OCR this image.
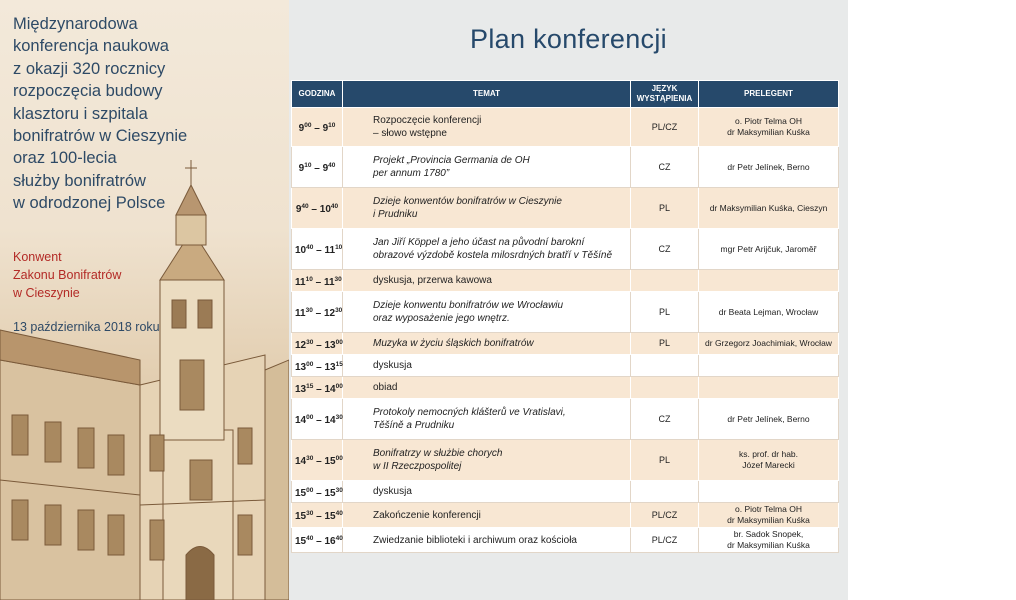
Międzynarodowa
konferencja naukowa
z okazji 320 rocznicy
rozpoczęcia budowy
klasztoru i szpitala
bonifratrów w Cieszynie
oraz 100-lecia
służby bonifratrów
w odrodzonej Polsce
Konwent
Zakonu Bonifratrów
w Cieszynie
13 października 2018 roku
Plan konferencji
GODZINA	TEMAT	JĘZYK
WYSTĄPIENIA	PRELEGENT
$9^{00} - 9^{10}$	Rozpoczęcie konferencji
– słowo wstępne	PL/CZ	o. Piotr Telma OH
dr Maksymilian Kuśka
$9^{10} - 9^{40}$	Projekt „Provincia Germania de OH
per annum 1780”	CZ	dr Petr Jelínek, Berno
$9^{40} - 10^{40}$	Dzieje konwentów bonifratrów w Cieszynie
i Prudniku	PL	dr Maksymilian Kuśka, Cieszyn
$10^{40} - 11^{10}$	Jan Jiří Köppel a jeho účast na původní barokní
obrazové výzdobě kostela milosrdných bratří v Těšíně	CZ	mgr Petr Arijčuk, Jaroměř
$11^{10} - 11^{30}$	dyskusja, przerwa kawowa		
$11^{30} - 12^{30}$	Dzieje konwentu bonifratrów we Wrocławiu
oraz wyposażenie jego wnętrz.	PL	dr Beata Lejman, Wrocław
$12^{30} - 13^{00}$	Muzyka w życiu śląskich bonifratrów	PL	dr Grzegorz Joachimiak, Wrocław
$13^{00} - 13^{15}$	dyskusja		
$13^{15} - 14^{00}$	obiad		
$14^{00} - 14^{30}$	Protokoly nemocných klášterů ve Vratislavi,
Těšíně a Prudniku	CZ	dr Petr Jelínek, Berno
$14^{30} - 15^{00}$	Bonifratrzy w służbie chorych
w II Rzeczpospolitej	PL	ks. prof. dr hab.
Józef Marecki
$15^{00} - 15^{30}$	dyskusja		
$15^{30} - 15^{40}$	Zakończenie konferencji	PL/CZ	o. Piotr Telma OH
dr Maksymilian Kuśka
$15^{40} - 16^{40}$	Zwiedzanie biblioteki i archiwum oraz kościoła	PL/CZ	br. Sadok Snopek,
dr Maksymilian Kuśka
